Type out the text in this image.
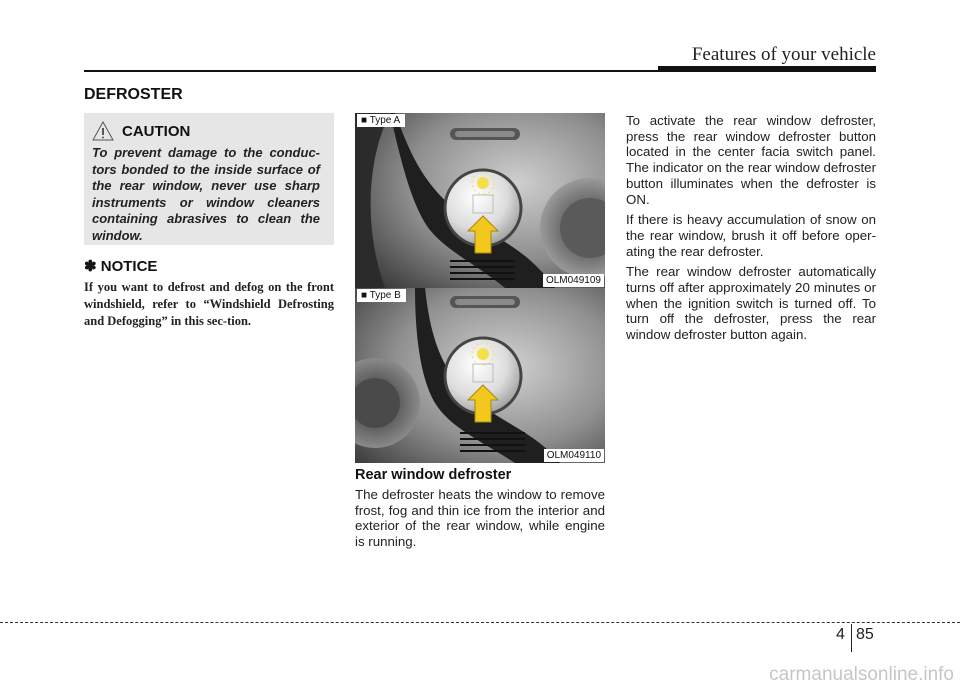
Features of your vehicle
DEFROSTER
CAUTION
To prevent damage to the conduc-tors bonded to the inside surface of the rear window, never use sharp instruments or window cleaners containing abrasives to clean the window.
✽ NOTICE
If you want to defrost and defog on the front windshield, refer to “Windshield Defrosting and Defogging” in this sec-tion.
■ Type A
OLM049109
■ Type B
OLM049110
Rear window defroster

The defroster heats the window to remove frost, fog and thin ice from the interior and exterior of the rear window, while engine is running.

To activate the rear window defroster, press the rear window defroster button located in the center facia switch panel. The indicator on the rear window defroster button illuminates when the defroster is ON.

If there is heavy accumulation of snow on the rear window, brush it off before oper-ating the rear defroster.

The rear window defroster automatically turns off after approximately 20 minutes or when the ignition switch is turned off. To turn off the defroster, press the rear window defroster button again.

4 85
carmanualsonline.info
